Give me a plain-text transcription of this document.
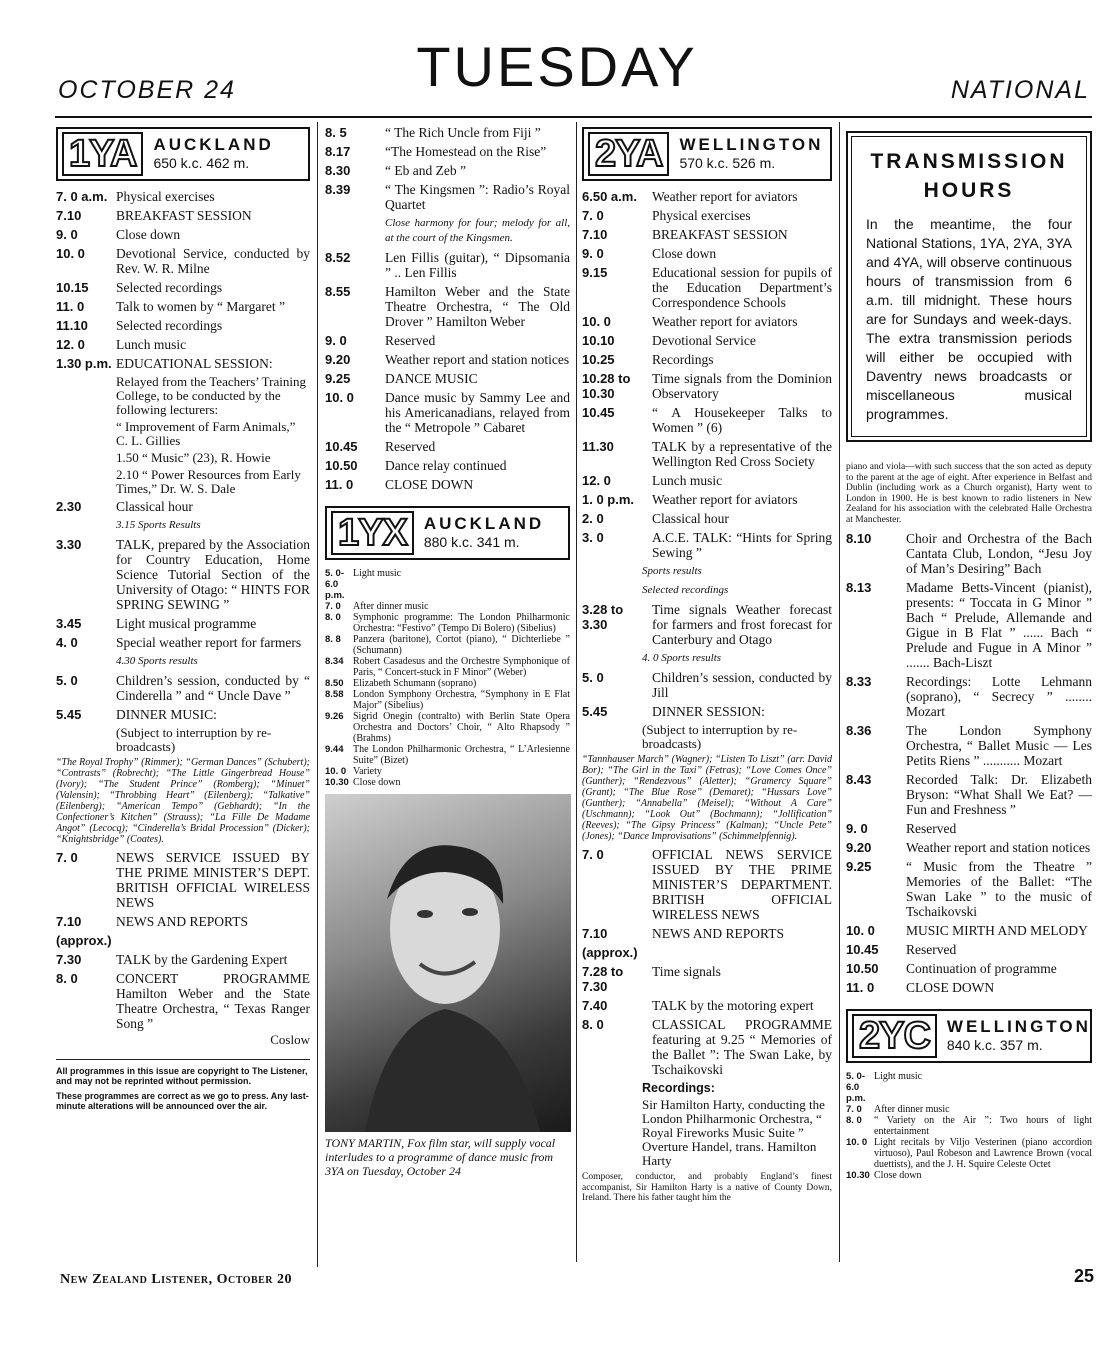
OCTOBER 24	TUESDAY	NATIONAL
1YA	AUCKLAND
650 k.c. 462 m.
7. 0 a.m. Physical exercises
7.10	BREAKFAST SESSION
9. 0	Close down
10. 0	Devotional Service, conducted by Rev. W. R. Milne
10.15	Selected recordings
11. 0	Talk to women by “ Margaret ”
11.10	Selected recordings
12. 0	Lunch music
1.30 p.m. EDUCATIONAL SESSION:
Relayed from the Teachers’ Training College, to be conducted by the following lecturers:
“ Improvement of Farm Animals,” C. L. Gillies
1.50 “ Music” (23), R. Howie
2.10 “ Power Resources from Early Times,” Dr. W. S. Dale
2.30	Classical hour
3.15 Sports Results
3.30	TALK, prepared by the Association for Country Education, Home Science Tutorial Section of the University of Otago: “ HINTS FOR SPRING SEWING ”
3.45	Light musical programme
4. 0	Special weather report for farmers
4.30 Sports results
5. 0	Children’s session, conducted by “ Cinderella ” and “ Uncle Dave ”
5.45	DINNER MUSIC:
(Subject to interruption by re-broadcasts)
“The Royal Trophy” (Rimmer); “German Dances” (Schubert); “Contrasts” (Robrecht); “The Little Gingerbread House” (Ivory); “The Student Prince” (Romberg); “Minuet” (Valensin); “Throbbing Heart” (Eilenberg); “Talkative” (Eilenberg); “American Tempo” (Gebhardt); “In the Confectioner’s Kitchen” (Strauss); “La Fille De Madame Angot” (Lecocq); “Cinderella’s Bridal Procession” (Dicker); “Knightsbridge” (Coates).
7. 0	NEWS SERVICE ISSUED BY THE PRIME MINISTER’S DEPT. BRITISH OFFICIAL WIRELESS NEWS
7.10	NEWS AND REPORTS
(approx.)
7.30	TALK by the Gardening Expert
8. 0	CONCERT PROGRAMME Hamilton Weber and the State Theatre Orchestra, “ Texas Ranger Song ”
Coslow
All programmes in this issue are copyright to The Listener, and may not be reprinted without permission.
These programmes are correct as we go to press. Any last-minute alterations will be announced over the air.
8. 5	“ The Rich Uncle from Fiji ”
8.17	“The Homestead on the Rise”
8.30	“ Eb and Zeb ”
8.39	“ The Kingsmen ”: Radio’s Royal Quartet
Close harmony for four; melody for all, at the court of the Kingsmen.
8.52	Len Fillis (guitar), “ Dipsomania ” .. Len Fillis
8.55	Hamilton Weber and the State Theatre Orchestra, “ The Old Drover ” Hamilton Weber
9. 0	Reserved
9.20	Weather report and station notices
9.25	DANCE MUSIC
10. 0	Dance music by Sammy Lee and his Americanadians, relayed from the “ Metropole ” Cabaret
10.45	Reserved
10.50	Dance relay continued
11. 0	CLOSE DOWN
1YX	AUCKLAND
880 k.c. 341 m.
5. 0-6.0 p.m.
Light music
7. 0	After dinner music
8. 0	Symphonic programme: The London Philharmonic Orchestra: “Festivo” (Tempo Di Bolero) (Sibelius)
8. 8	Panzera (baritone), Cortot (piano), “ Dichterliebe ” (Schumann)
8.34 Robert Casadesus and the Orchestre Symphonique of Paris, “ Concert-stuck in F Minor” (Weber)
8.50 Elizabeth Schumann (soprano)
8.58 London Symphony Orchestra, “Symphony in E Flat Major” (Sibelius)
9.26 Sigrid Onegin (contralto) with Berlin State Opera Orchestra and Doctors’ Choir, “ Alto Rhapsody ” (Brahms)
9.44 The London Philharmonic Orchestra, “ L’Arlesienne Suite” (Bizet)
10. 0 Variety
10.30 Close down
TONY MARTIN, Fox film star, will supply vocal interludes to a programme of dance music from 3YA on Tuesday, October 24
2YA	WELLINGTON
570 k.c. 526 m.
6.50 a.m.	Weather report for aviators
7. 0	Physical exercises
7.10	BREAKFAST SESSION
9. 0	Close down
9.15	Educational session for pupils of the Education Department’s Correspondence Schools
10. 0	Weather report for aviators
10.10	Devotional Service
10.25	Recordings
10.28 to 10.30
Time signals from the Dominion Observatory
10.45	“ A Housekeeper Talks to Women ” (6)
11.30	TALK by a representative of the Wellington Red Cross Society
12. 0	Lunch music
1. 0 p.m.	Weather report for aviators
2. 0	Classical hour
3. 0	A.C.E. TALK: “Hints for Spring Sewing ”
Sports results
Selected recordings
3.28 to 3.30
Time signals Weather forecast for farmers and frost forecast for Canterbury and Otago
4. 0 Sports results
5. 0	Children’s session, conducted by Jill
5.45	DINNER SESSION:
(Subject to interruption by re-broadcasts)
“Tannhauser March” (Wagner); “Listen To Liszt” (arr. David Bor); “The Girl in the Taxi” (Fetras); “Love Comes Once” (Gunther); “Rendezvous” (Aletter); “Gramercy Square” (Grant); “The Blue Rose” (Demaret); “Hussars Love” (Gunther); “Annabella” (Meisel); “Without A Care” (Uschmann); “Look Out” (Bochmann); “Jollification” (Reeves); “The Gipsy Princess” (Kalman); “Uncle Pete” (Jones); “Dance Improvisations” (Schimmelpfennig).
7. 0	OFFICIAL NEWS SERVICE ISSUED BY THE PRIME MINISTER’S DEPARTMENT. BRITISH OFFICIAL WIRELESS NEWS
7.10	NEWS AND REPORTS
(approx.)
7.28 to 7.30
Time signals
7.40	TALK by the motoring expert
8. 0	CLASSICAL PROGRAMME featuring at 9.25 “ Memories of the Ballet ”: The Swan Lake, by Tschaikovski
Recordings:
Sir Hamilton Harty, conducting the London Philharmonic Orchestra, “ Royal Fireworks Music Suite ” Overture Handel, trans. Hamilton Harty
Composer, conductor, and probably England’s finest accompanist, Sir Hamilton Harty is a native of County Down, Ireland. There his father taught him the
TRANSMISSION
HOURS
In the meantime, the four National Stations, 1YA, 2YA, 3YA and 4YA, will observe continuous hours of transmission from 6 a.m. till midnight. These hours are for Sundays and week-days. The extra transmission periods will either be occupied with Daventry news broadcasts or miscellaneous musical programmes.
piano and viola—with such success that the son acted as deputy to the parent at the age of eight. After experience in Belfast and Dublin (including work as a Church organist), Harty went to London in 1900. He is best known to radio listeners in New Zealand for his association with the celebrated Halle Orchestra at Manchester.
8.10	Choir and Orchestra of the Bach Cantata Club, London, “Jesu Joy of Man’s Desiring” Bach
8.13	Madame Betts-Vincent (pianist), presents: “ Toccata in G Minor ” Bach “ Prelude, Allemande and Gigue in B Flat ” ...... Bach “ Prelude and Fugue in A Minor ” ....... Bach-Liszt
8.33	Recordings: Lotte Lehmann (soprano), “ Secrecy ” ........ Mozart
8.36	The London Symphony Orchestra, “ Ballet Music — Les Petits Riens ” ........... Mozart
8.43	Recorded Talk: Dr. Elizabeth Bryson: “What Shall We Eat? —Fun and Freshness ”
9. 0	Reserved
9.20	Weather report and station notices
9.25	“ Music from the Theatre ” Memories of the Ballet: “The Swan Lake ” to the music of Tschaikovski
10. 0	MUSIC MIRTH AND MELODY
10.45	Reserved
10.50	Continuation of programme
11. 0	CLOSE DOWN
2YC	WELLINGTON
840 k.c. 357 m.
5. 0-6.0 p.m.
Light music
7. 0	After dinner music
8. 0	“ Variety on the Air ”: Two hours of light entertainment
10. 0 Light recitals by Viljo Vesterinen (piano accordion virtuoso), Paul Robeson and Lawrence Brown (vocal duettists), and the J. H. Squire Celeste Octet
10.30 Close down
New Zealand Listener, October 20	25
